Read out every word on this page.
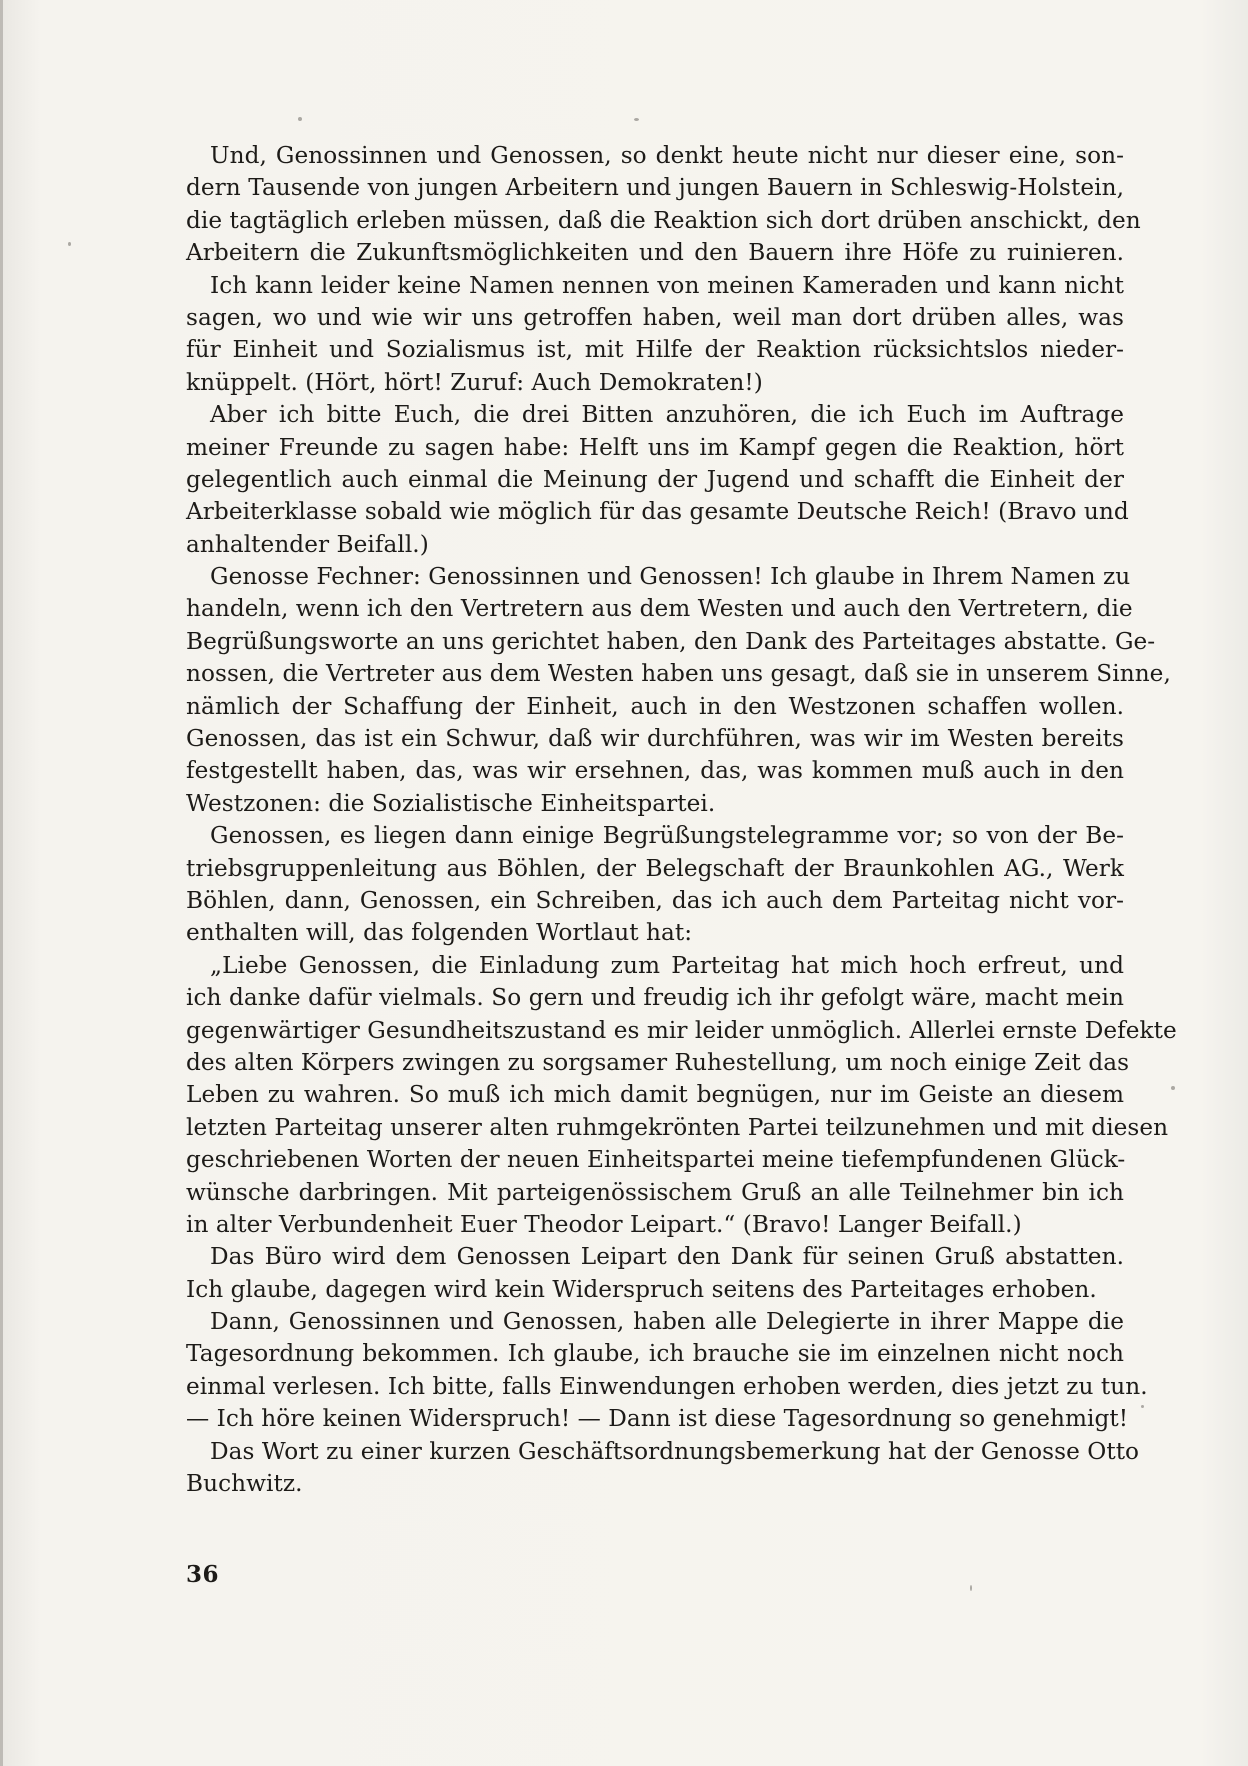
Und, Genossinnen und Genossen, so denkt heute nicht nur dieser eine, son-
dern Tausende von jungen Arbeitern und jungen Bauern in Schleswig-Holstein,
die tagtäglich erleben müssen, daß die Reaktion sich dort drüben anschickt, den
Arbeitern die Zukunftsmöglichkeiten und den Bauern ihre Höfe zu ruinieren.
Ich kann leider keine Namen nennen von meinen Kameraden und kann nicht
sagen, wo und wie wir uns getroffen haben, weil man dort drüben alles, was
für Einheit und Sozialismus ist, mit Hilfe der Reaktion rücksichtslos nieder-
knüppelt. (Hört, hört! Zuruf: Auch Demokraten!)
Aber ich bitte Euch, die drei Bitten anzuhören, die ich Euch im Auftrage
meiner Freunde zu sagen habe: Helft uns im Kampf gegen die Reaktion, hört
gelegentlich auch einmal die Meinung der Jugend und schafft die Einheit der
Arbeiterklasse sobald wie möglich für das gesamte Deutsche Reich! (Bravo und
anhaltender Beifall.)
Genosse Fechner: Genossinnen und Genossen! Ich glaube in Ihrem Namen zu
handeln, wenn ich den Vertretern aus dem Westen und auch den Vertretern, die
Begrüßungsworte an uns gerichtet haben, den Dank des Parteitages abstatte. Ge-
nossen, die Vertreter aus dem Westen haben uns gesagt, daß sie in unserem Sinne,
nämlich der Schaffung der Einheit, auch in den Westzonen schaffen wollen.
Genossen, das ist ein Schwur, daß wir durchführen, was wir im Westen bereits
festgestellt haben, das, was wir ersehnen, das, was kommen muß auch in den
Westzonen: die Sozialistische Einheitspartei.
Genossen, es liegen dann einige Begrüßungstelegramme vor; so von der Be-
triebsgruppenleitung aus Böhlen, der Belegschaft der Braunkohlen AG., Werk
Böhlen, dann, Genossen, ein Schreiben, das ich auch dem Parteitag nicht vor-
enthalten will, das folgenden Wortlaut hat:
„Liebe Genossen, die Einladung zum Parteitag hat mich hoch erfreut, und
ich danke dafür vielmals. So gern und freudig ich ihr gefolgt wäre, macht mein
gegenwärtiger Gesundheitszustand es mir leider unmöglich. Allerlei ernste Defekte
des alten Körpers zwingen zu sorgsamer Ruhestellung, um noch einige Zeit das
Leben zu wahren. So muß ich mich damit begnügen, nur im Geiste an diesem
letzten Parteitag unserer alten ruhmgekrönten Partei teilzunehmen und mit diesen
geschriebenen Worten der neuen Einheitspartei meine tiefempfundenen Glück-
wünsche darbringen. Mit parteigenössischem Gruß an alle Teilnehmer bin ich
in alter Verbundenheit Euer Theodor Leipart.“ (Bravo! Langer Beifall.)
Das Büro wird dem Genossen Leipart den Dank für seinen Gruß abstatten.
Ich glaube, dagegen wird kein Widerspruch seitens des Parteitages erhoben.
Dann, Genossinnen und Genossen, haben alle Delegierte in ihrer Mappe die
Tagesordnung bekommen. Ich glaube, ich brauche sie im einzelnen nicht noch
einmal verlesen. Ich bitte, falls Einwendungen erhoben werden, dies jetzt zu tun.
— Ich höre keinen Widerspruch! — Dann ist diese Tagesordnung so genehmigt!
Das Wort zu einer kurzen Geschäftsordnungsbemerkung hat der Genosse Otto
Buchwitz.
36
